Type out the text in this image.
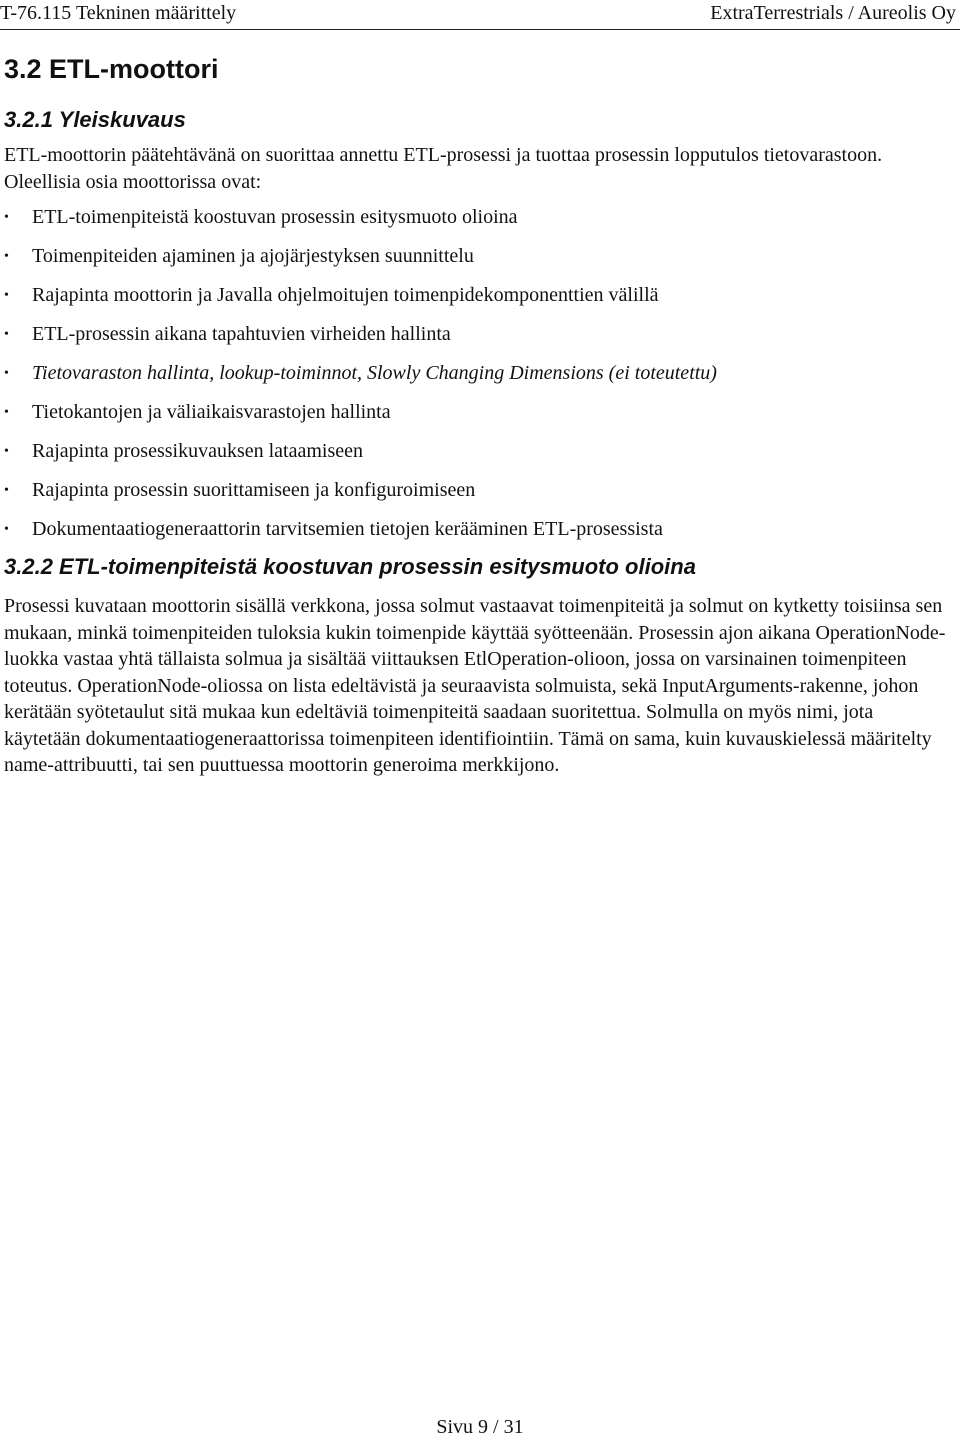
T-76.115 Tekninen määrittely	ExtraTerrestrials / Aureolis Oy
3.2 ETL-moottori
3.2.1 Yleiskuvaus

ETL-moottorin päätehtävänä on suorittaa annettu ETL-prosessi ja tuottaa prosessin lopputulos tietovarastoon. Oleellisia osia moottorissa ovat:

• ETL-toimenpiteistä koostuvan prosessin esitysmuoto olioina
• Toimenpiteiden ajaminen ja ajojärjestyksen suunnittelu
• Rajapinta moottorin ja Javalla ohjelmoitujen toimenpidekomponenttien välillä
• ETL-prosessin aikana tapahtuvien virheiden hallinta
• Tietovaraston hallinta, lookup-toiminnot, Slowly Changing Dimensions (ei toteutettu)
• Tietokantojen ja väliaikaisvarastojen hallinta
• Rajapinta prosessikuvauksen lataamiseen
• Rajapinta prosessin suorittamiseen ja konfiguroimiseen
• Dokumentaatiogeneraattorin tarvitsemien tietojen kerääminen ETL-prosessista
3.2.2 ETL-toimenpiteistä koostuvan prosessin esitysmuoto olioina

Prosessi kuvataan moottorin sisällä verkkona, jossa solmut vastaavat toimenpiteitä ja solmut on kytketty toisiinsa sen mukaan, minkä toimenpiteiden tuloksia kukin toimenpide käyttää syötteenään. Prosessin ajon aikana OperationNode-luokka vastaa yhtä tällaista solmua ja sisältää viittauksen EtlOperation-olioon, jossa on varsinainen toimenpiteen toteutus. OperationNode-oliossa on lista edeltävistä ja seuraavista solmuista, sekä InputArguments-rakenne, johon kerätään syötetaulut sitä mukaa kun edeltäviä toimenpiteitä saadaan suoritettua. Solmulla on myös nimi, jota käytetään dokumentaatiogeneraattorissa toimenpiteen identifiointiin. Tämä on sama, kuin kuvauskielessä määritelty name-attribuutti, tai sen puuttuessa moottorin generoima merkkijono.

Sivu 9 / 31
